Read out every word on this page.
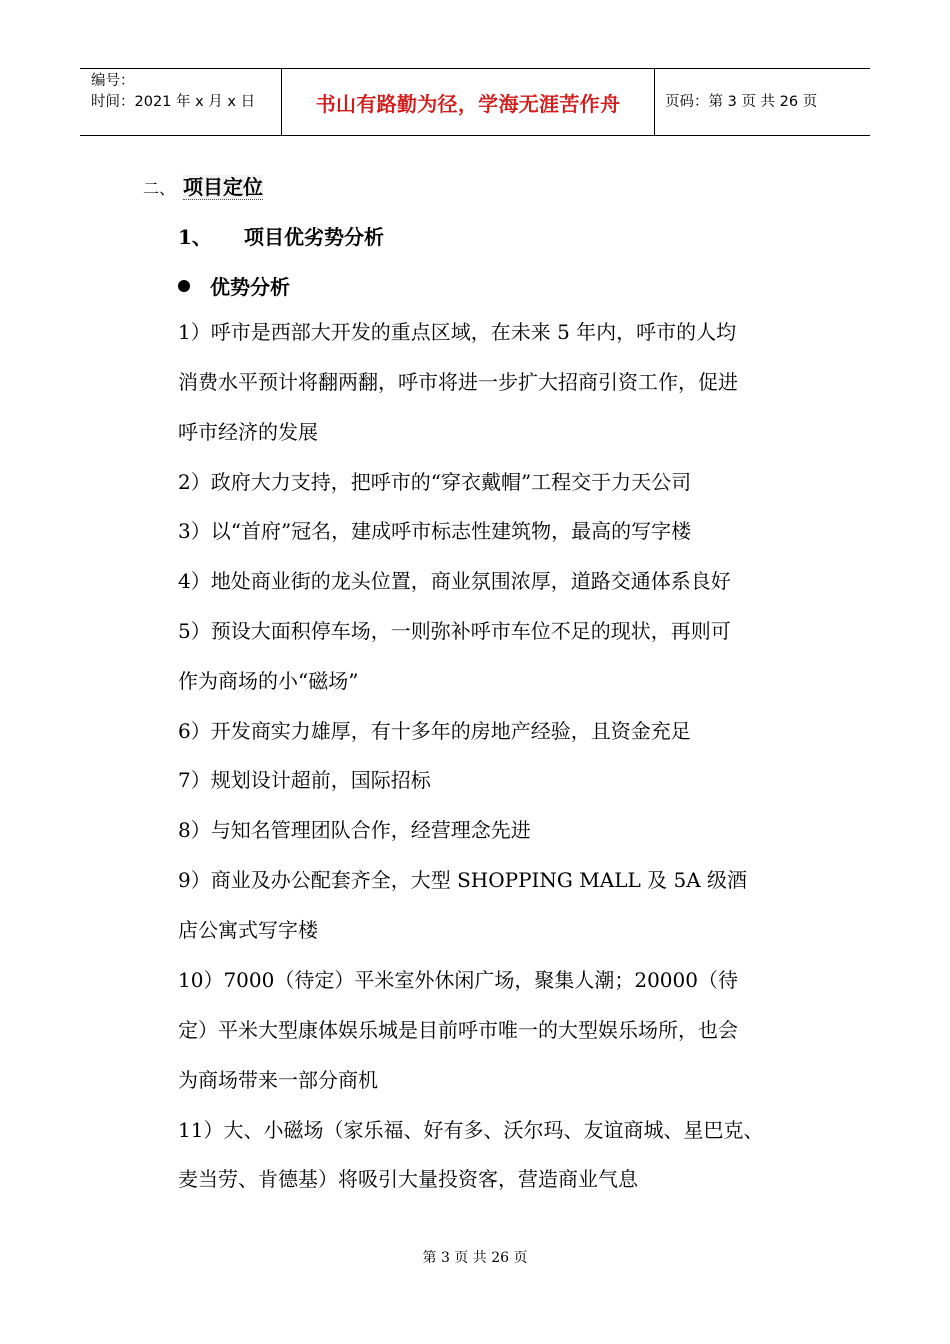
编号：
时间：2021 年 x 月 x 日	书山有路勤为径，学海无涯苦作舟	页码：第 3 页 共 26 页
二、 项目定位
1、 项目优劣势分析
优势分析
1）呼市是西部大开发的重点区域，在未来 5 年内，呼市的人均
消费水平预计将翻两翻，呼市将进一步扩大招商引资工作，促进
呼市经济的发展
2）政府大力支持，把呼市的“穿衣戴帽”工程交于力天公司
3）以“首府”冠名，建成呼市标志性建筑物，最高的写字楼
4）地处商业街的龙头位置，商业氛围浓厚，道路交通体系良好
5）预设大面积停车场，一则弥补呼市车位不足的现状，再则可
作为商场的小“磁场”
6）开发商实力雄厚，有十多年的房地产经验，且资金充足
7）规划设计超前，国际招标
8）与知名管理团队合作，经营理念先进
9）商业及办公配套齐全，大型 SHOPPING MALL 及 5A 级酒
店公寓式写字楼
10）7000（待定）平米室外休闲广场，聚集人潮；20000（待
定）平米大型康体娱乐城是目前呼市唯一的大型娱乐场所，也会
为商场带来一部分商机
11）大、小磁场（家乐福、好有多、沃尔玛、友谊商城、星巴克、
麦当劳、肯德基）将吸引大量投资客，营造商业气息
第 3 页 共 26 页
